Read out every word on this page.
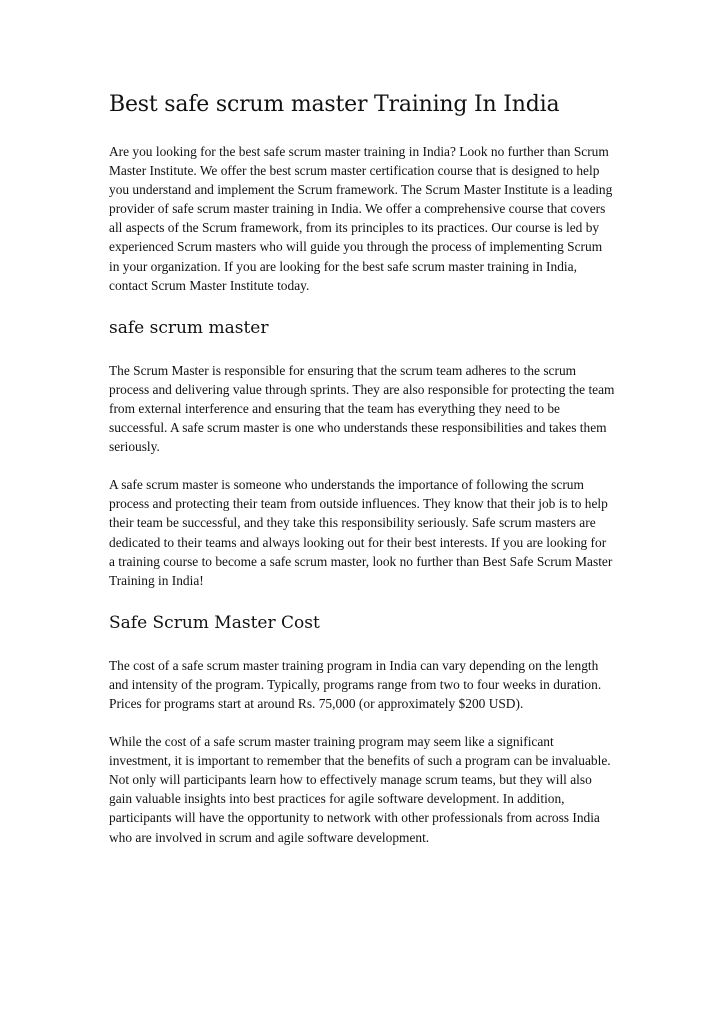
Best safe scrum master Training In India

Are you looking for the best safe scrum master training in India? Look no further than Scrum Master Institute. We offer the best scrum master certification course that is designed to help you understand and implement the Scrum framework. The Scrum Master Institute is a leading provider of safe scrum master training in India. We offer a comprehensive course that covers all aspects of the Scrum framework, from its principles to its practices. Our course is led by experienced Scrum masters who will guide you through the process of implementing Scrum in your organization. If you are looking for the best safe scrum master training in India, contact Scrum Master Institute today.

safe scrum master

The Scrum Master is responsible for ensuring that the scrum team adheres to the scrum process and delivering value through sprints. They are also responsible for protecting the team from external interference and ensuring that the team has everything they need to be successful. A safe scrum master is one who understands these responsibilities and takes them seriously.

A safe scrum master is someone who understands the importance of following the scrum process and protecting their team from outside influences. They know that their job is to help their team be successful, and they take this responsibility seriously. Safe scrum masters are dedicated to their teams and always looking out for their best interests. If you are looking for a training course to become a safe scrum master, look no further than Best Safe Scrum Master Training in India!

Safe Scrum Master Cost

The cost of a safe scrum master training program in India can vary depending on the length and intensity of the program. Typically, programs range from two to four weeks in duration. Prices for programs start at around Rs. 75,000 (or approximately $200 USD).

While the cost of a safe scrum master training program may seem like a significant investment, it is important to remember that the benefits of such a program can be invaluable. Not only will participants learn how to effectively manage scrum teams, but they will also gain valuable insights into best practices for agile software development. In addition, participants will have the opportunity to network with other professionals from across India who are involved in scrum and agile software development.
